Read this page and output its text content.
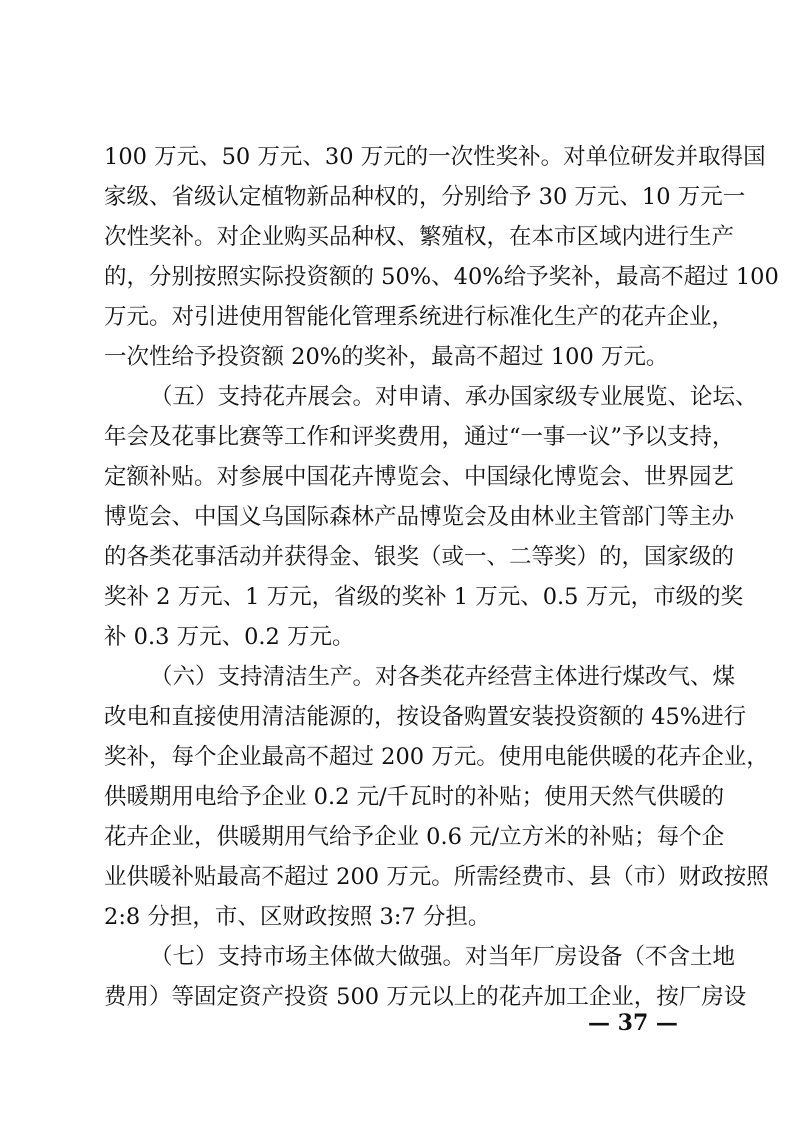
100 万元、50 万元、30 万元的一次性奖补。对单位研发并取得国
家级、省级认定植物新品种权的，分别给予 30 万元、10 万元一
次性奖补。对企业购买品种权、繁殖权，在本市区域内进行生产
的，分别按照实际投资额的 50%、40%给予奖补，最高不超过 100
万元。对引进使用智能化管理系统进行标准化生产的花卉企业，
一次性给予投资额 20%的奖补，最高不超过 100 万元。
（五）支持花卉展会。对申请、承办国家级专业展览、论坛、
年会及花事比赛等工作和评奖费用，通过“一事一议”予以支持，
定额补贴。对参展中国花卉博览会、中国绿化博览会、世界园艺
博览会、中国义乌国际森林产品博览会及由林业主管部门等主办
的各类花事活动并获得金、银奖（或一、二等奖）的，国家级的
奖补 2 万元、1 万元，省级的奖补 1 万元、0.5 万元，市级的奖
补 0.3 万元、0.2 万元。
（六）支持清洁生产。对各类花卉经营主体进行煤改气、煤
改电和直接使用清洁能源的，按设备购置安装投资额的 45%进行
奖补，每个企业最高不超过 200 万元。使用电能供暖的花卉企业，
供暖期用电给予企业 0.2 元/千瓦时的补贴；使用天然气供暖的
花卉企业，供暖期用气给予企业 0.6 元/立方米的补贴；每个企
业供暖补贴最高不超过 200 万元。所需经费市、县（市）财政按照
2:8 分担，市、区财政按照 3:7 分担。
（七）支持市场主体做大做强。对当年厂房设备（不含土地
费用）等固定资产投资 500 万元以上的花卉加工企业，按厂房设
— 37 —
